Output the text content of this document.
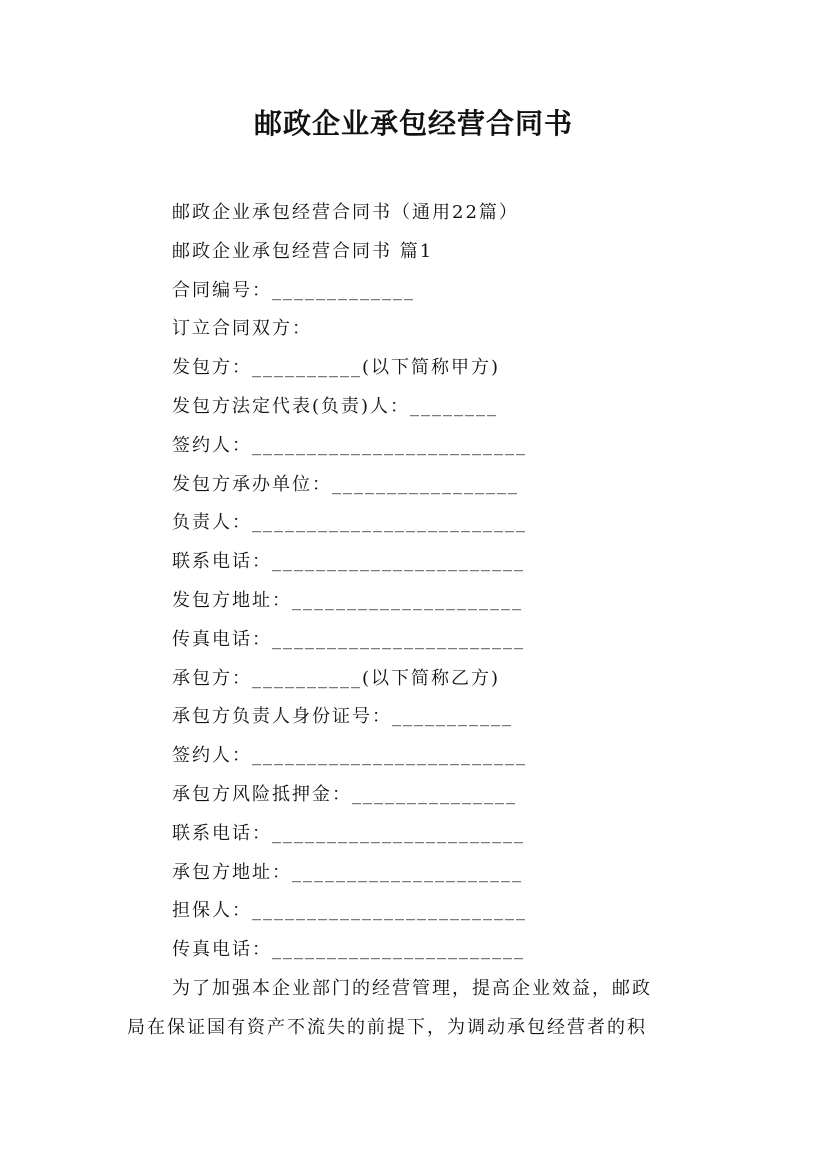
邮政企业承包经营合同书
邮政企业承包经营合同书（通用22篇）
邮政企业承包经营合同书 篇1
合同编号：_____________
订立合同双方：
发包方：__________(以下简称甲方)
发包方法定代表(负责)人：________
签约人：_________________________
发包方承办单位：_________________
负责人：_________________________
联系电话：_______________________
发包方地址：_____________________
传真电话：_______________________
承包方：__________(以下简称乙方)
承包方负责人身份证号：___________
签约人：_________________________
承包方风险抵押金：_______________
联系电话：_______________________
承包方地址：_____________________
担保人：_________________________
传真电话：_______________________
为了加强本企业部门的经营管理，提高企业效益，邮政
局在保证国有资产不流失的前提下，为调动承包经营者的积
